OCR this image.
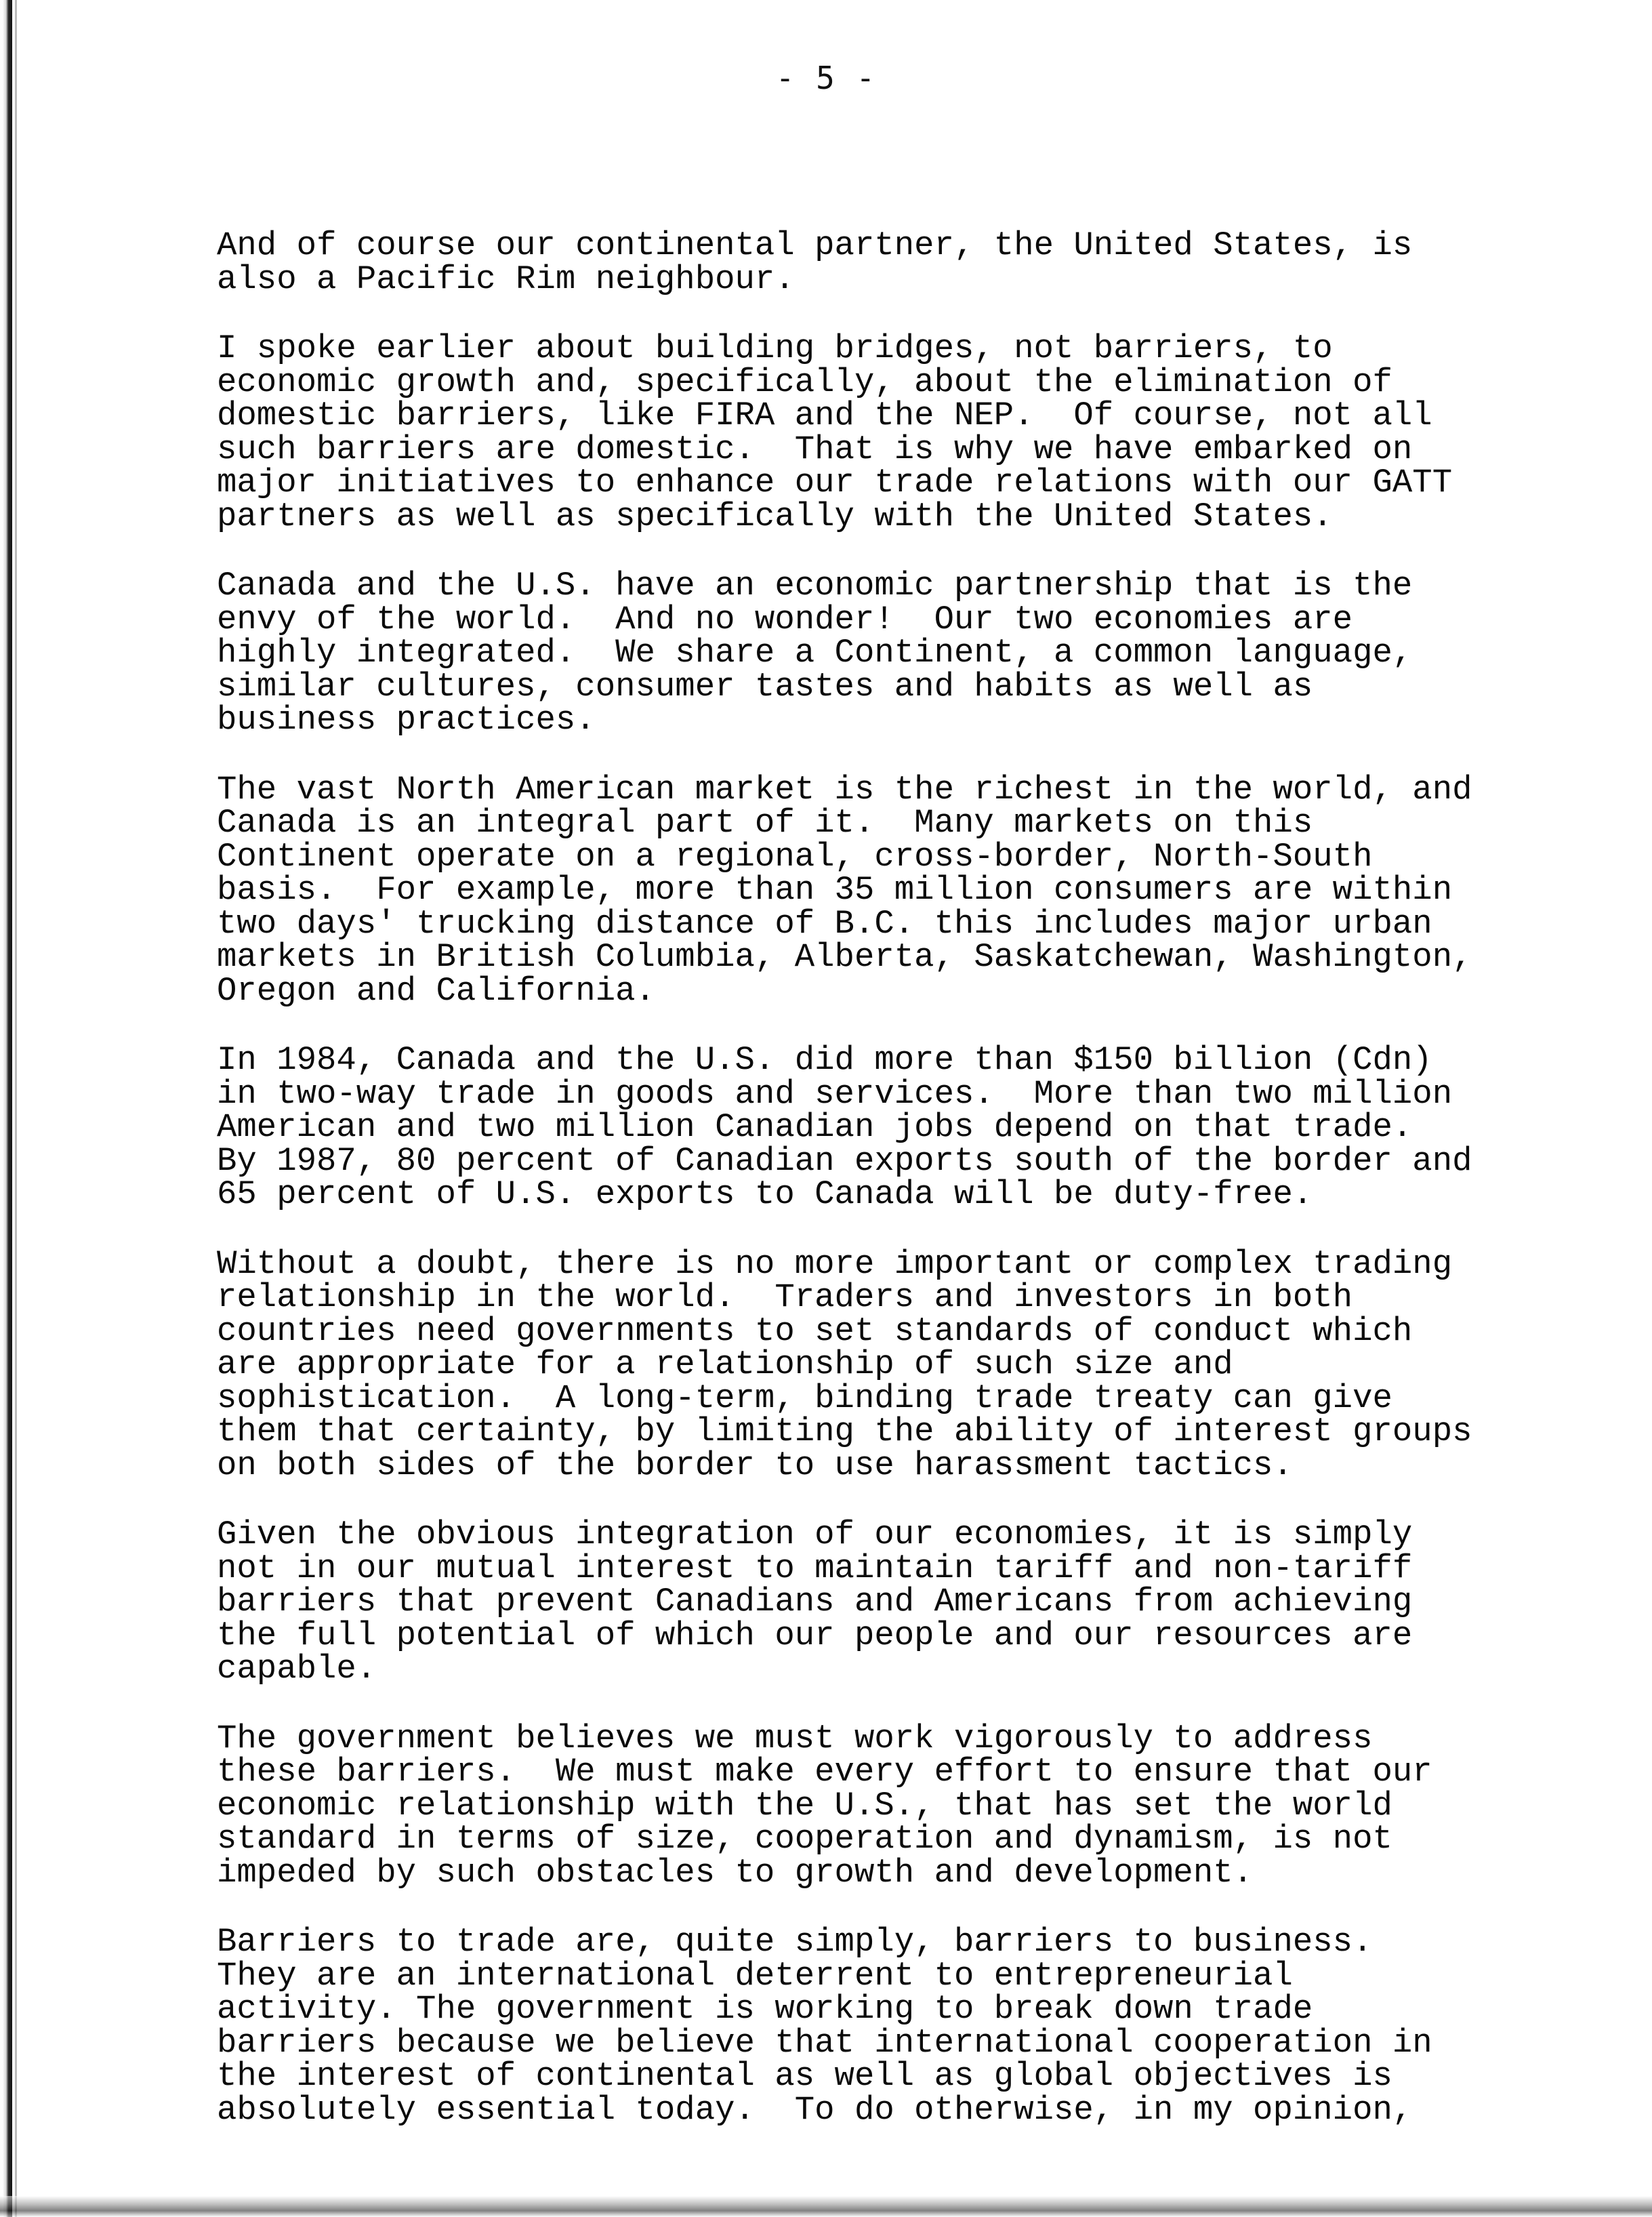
- 5 -
And of course our continental partner, the United States, is
also a Pacific Rim neighbour.
I spoke earlier about building bridges, not barriers, to
economic growth and, specifically, about the elimination of
domestic barriers, like FIRA and the NEP.  Of course, not all
such barriers are domestic.  That is why we have embarked on
major initiatives to enhance our trade relations with our GATT
partners as well as specifically with the United States.
Canada and the U.S. have an economic partnership that is the
envy of the world.  And no wonder!  Our two economies are
highly integrated.  We share a Continent, a common language,
similar cultures, consumer tastes and habits as well as
business practices.
The vast North American market is the richest in the world, and
Canada is an integral part of it.  Many markets on this
Continent operate on a regional, cross-border, North-South
basis.  For example, more than 35 million consumers are within
two days' trucking distance of B.C. this includes major urban
markets in British Columbia, Alberta, Saskatchewan, Washington,
Oregon and California.
In 1984, Canada and the U.S. did more than $150 billion (Cdn)
in two-way trade in goods and services.  More than two million
American and two million Canadian jobs depend on that trade.
By 1987, 80 percent of Canadian exports south of the border and
65 percent of U.S. exports to Canada will be duty-free.
Without a doubt, there is no more important or complex trading
relationship in the world.  Traders and investors in both
countries need governments to set standards of conduct which
are appropriate for a relationship of such size and
sophistication.  A long-term, binding trade treaty can give
them that certainty, by limiting the ability of interest groups
on both sides of the border to use harassment tactics.
Given the obvious integration of our economies, it is simply
not in our mutual interest to maintain tariff and non-tariff
barriers that prevent Canadians and Americans from achieving
the full potential of which our people and our resources are
capable.
The government believes we must work vigorously to address
these barriers.  We must make every effort to ensure that our
economic relationship with the U.S., that has set the world
standard in terms of size, cooperation and dynamism, is not
impeded by such obstacles to growth and development.
Barriers to trade are, quite simply, barriers to business.
They are an international deterrent to entrepreneurial
activity. The government is working to break down trade
barriers because we believe that international cooperation in
the interest of continental as well as global objectives is
absolutely essential today.  To do otherwise, in my opinion,
